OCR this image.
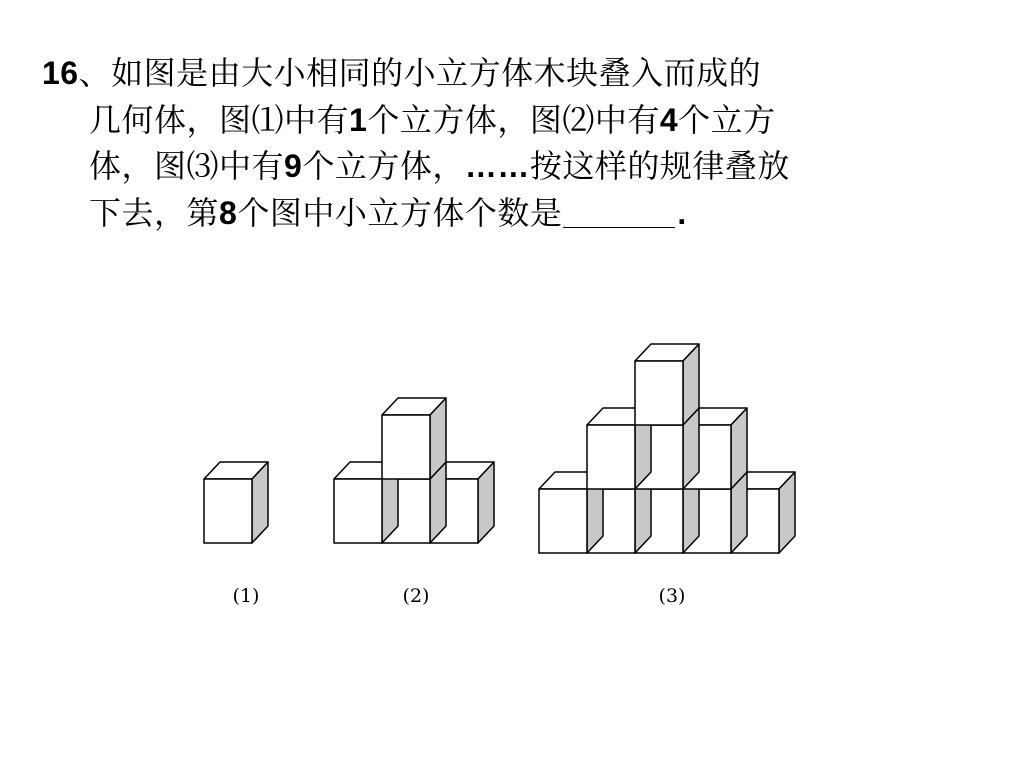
16、如图是由大小相同的小立方体木块叠入而成的
几何体，图⑴中有1个立方体，图⑵中有4个立方
体，图⑶中有9个立方体，……按这样的规律叠放
下去，第8个图中小立方体个数是	.
(1)	(2)	(3)
